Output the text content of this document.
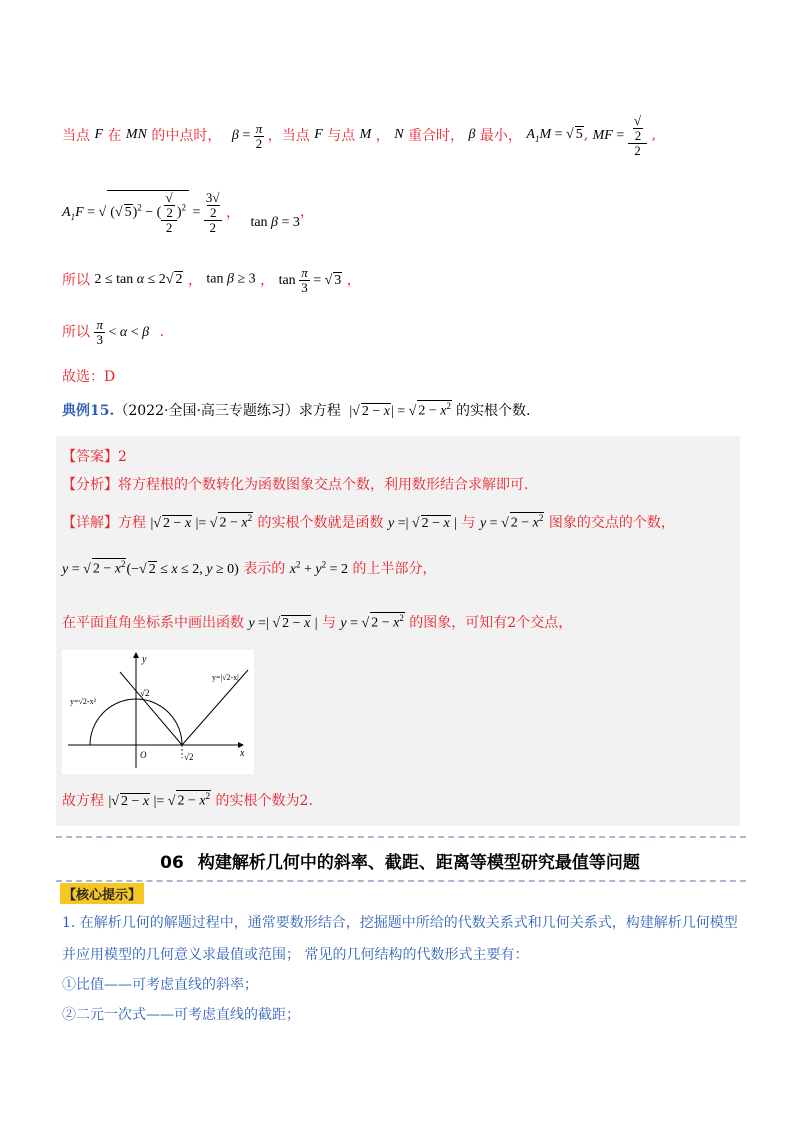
当点 F 在 MN 的中点时， $\beta = \frac{\pi}{2}$ ，当点 F 与点 M ， N 重合时， β 最小， $A_1M$ = √ 5, MF = √
2
2 ,
$A_1F$ = √ (√ 5)$^2$ − ( √
2
2 )$^2$ = 3√
2
2 ， tan β = 3，
所以 2 ≤ tan α ≤ 2√ 2 ， tan β ≥ 3 ， $\tan \frac{\pi}{3}$ = √ 3 ，
所以 $\frac{\pi}{3} < \alpha < \beta$ .
故选：D
典例15.（2022·全国·高三专题练习）求方程 |√ 2 − x| = √ $2 - x^2$ 的实根个数.
【答案】2
【分析】将方程根的个数转化为函数图象交点个数，利用数形结合求解即可.
【详解】方程 |√ 2 − x |= √ $2 - x^2$ 的实根个数就是函数 y =| √ 2 − x | 与 y = √ $2 - x^2$ 图象的交点的个数，
y = √ $2 - x^2(-√$ 2 ≤ x ≤ 2, y ≥ 0) 表示的 $x^2 + y^2 = 2$ 的上半部分，
在平面直角坐标系中画出函数 y =| √ 2 − x | 与 y = √ $2 - x^2$ 的图象，可知有2个交点，
y
x
O
√2
√2
y=√2-x²
y=|√2-x|
故方程 |√ 2 − x |= √ $2 - x^2$ 的实根个数为2.
06 构建解析几何中的斜率、截距、距离等模型研究最值等问题
【核心提示】
1. 在解析几何的解题过程中，通常要数形结合，挖掘题中所给的代数关系式和几何关系式，构建解析几何模型
并应用模型的几何意义求最值或范围； 常见的几何结构的代数形式主要有：
①比值——可考虑直线的斜率；
②二元一次式——可考虑直线的截距；
